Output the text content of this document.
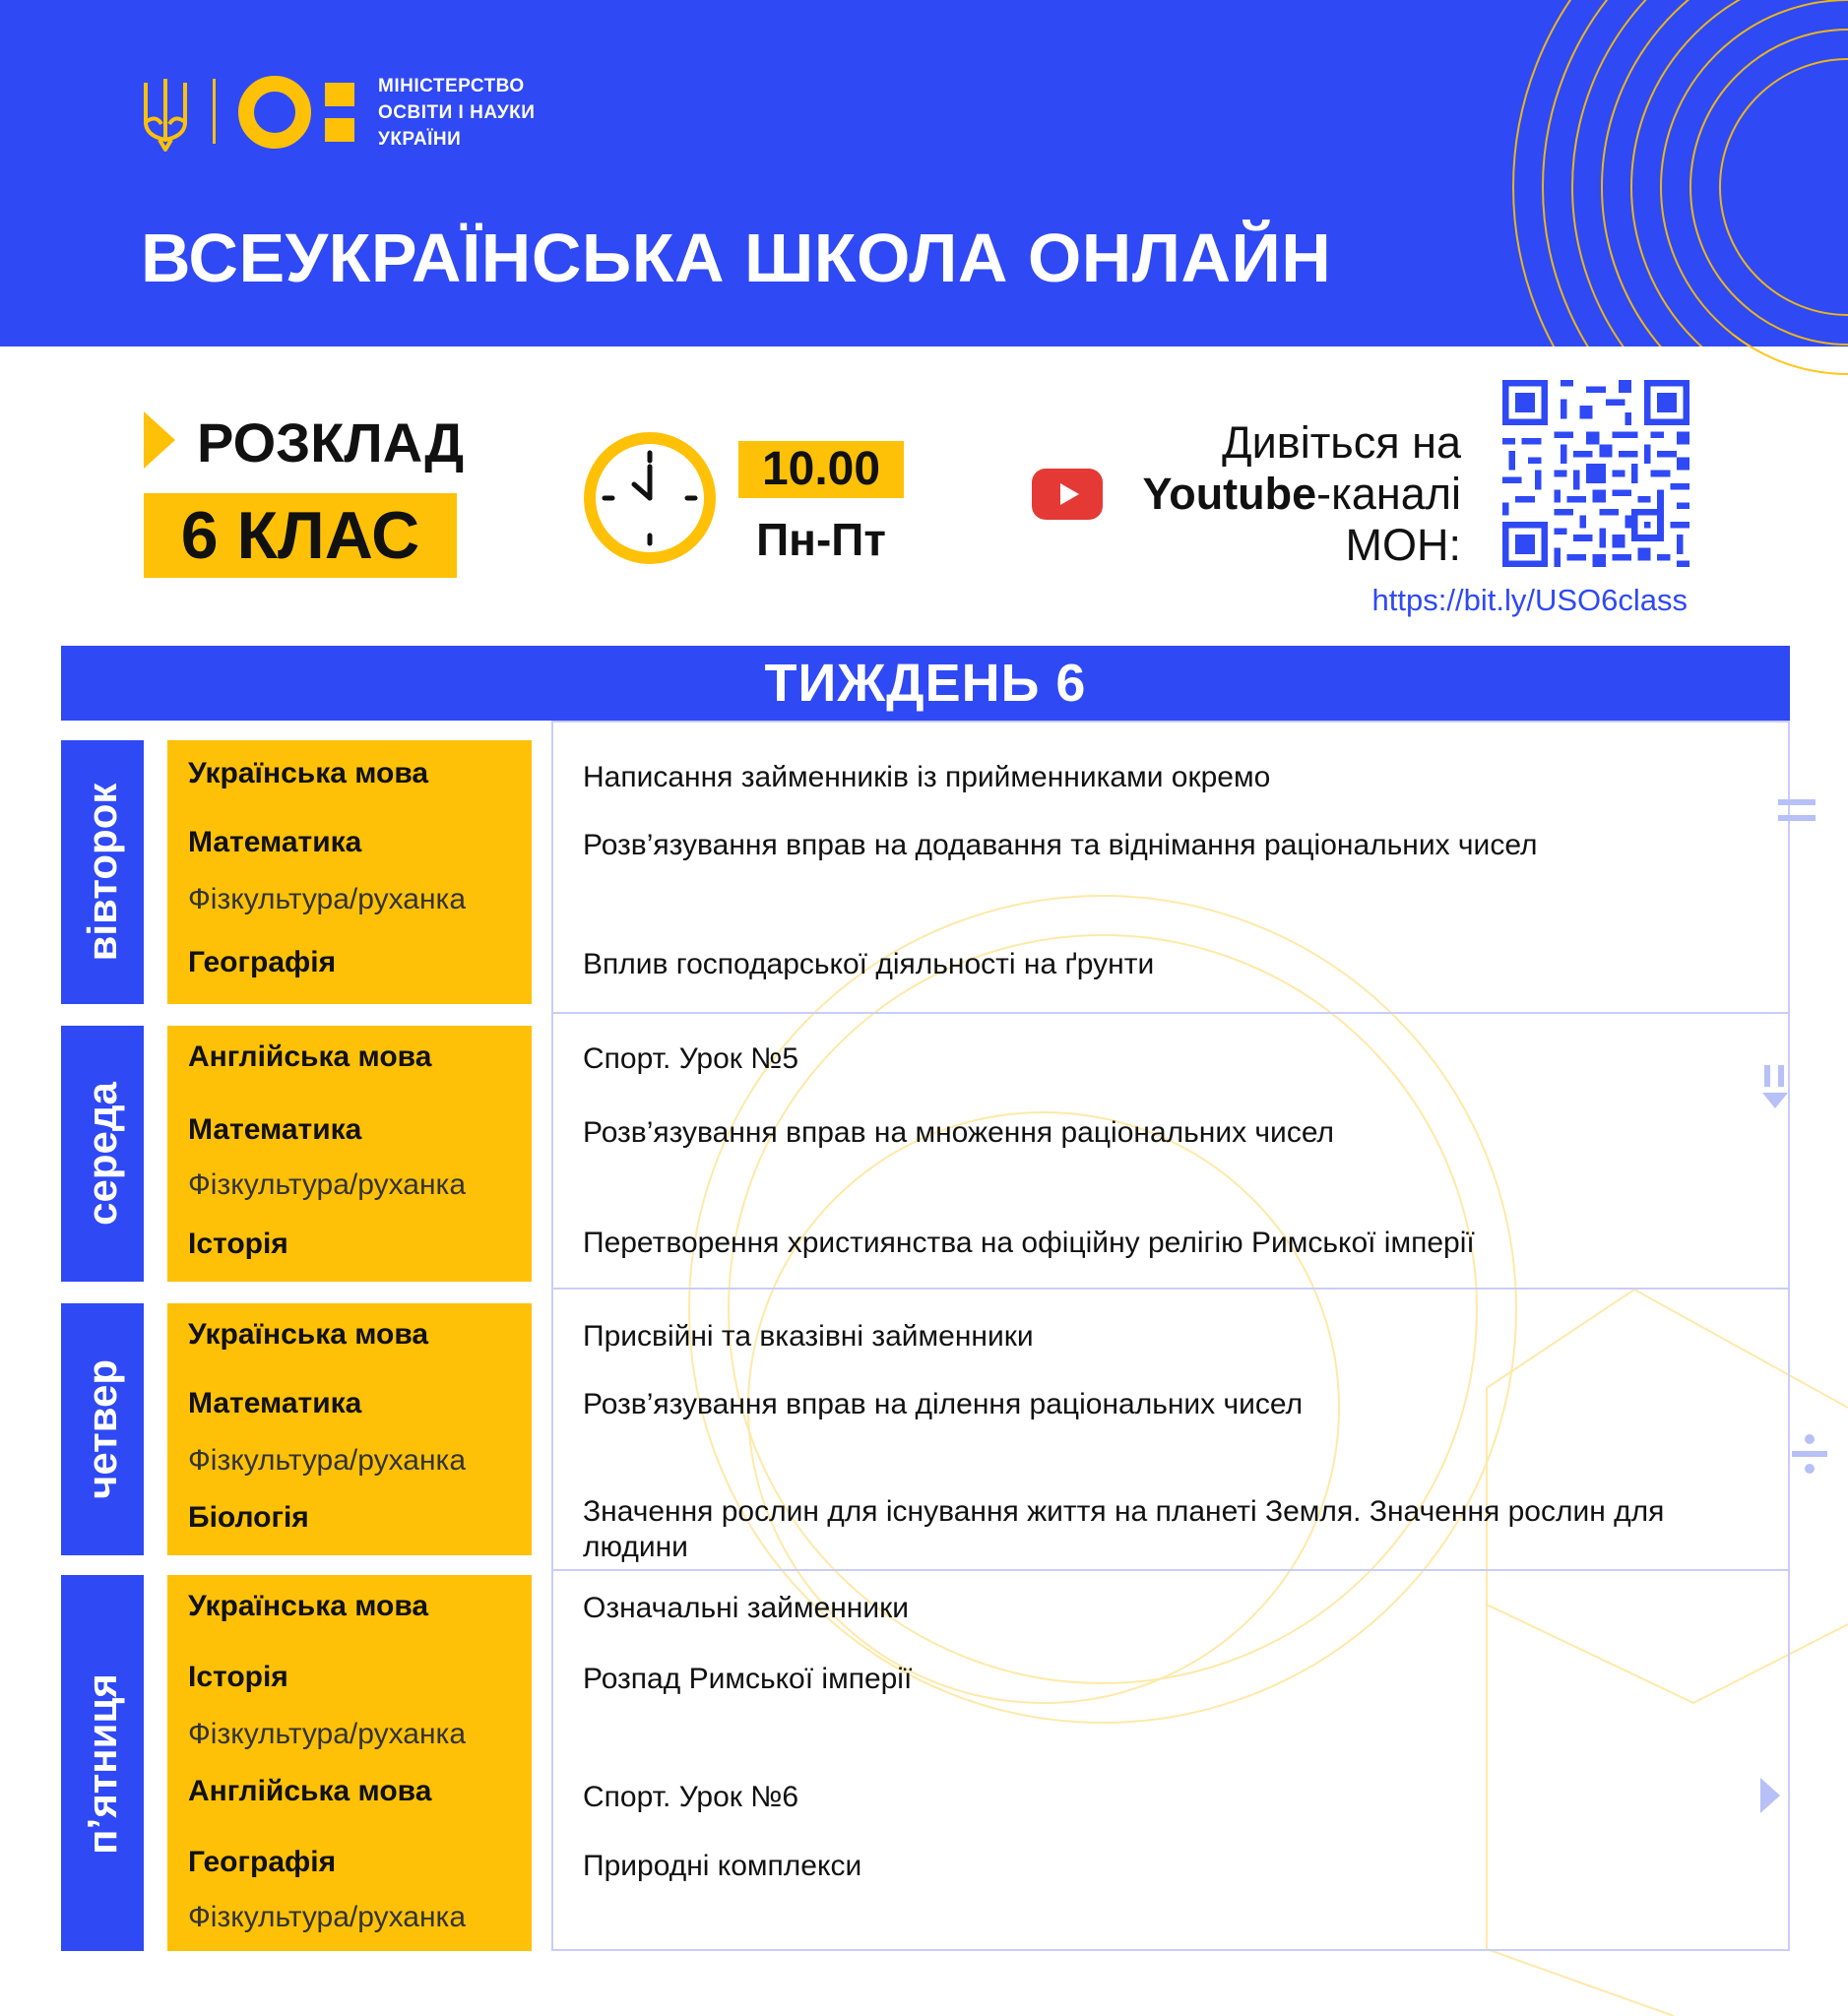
МІНІСТЕРСТВО
ОСВІТИ І НАУКИ
УКРАЇНИ
ВСЕУКРАЇНСЬКА ШКОЛА ОНЛАЙН
РОЗКЛАД
6 КЛАС
10.00
Пн-Пт
Дивіться на
Youtube-каналі
МОН:
https://bit.ly/USO6class
ТИЖДЕНЬ 6
вівторок
Українська мова
Математика
Фізкультура/руханка
Географія
Написання займенників із прийменниками окремо
Розв’язування вправ на додавання та віднімання раціональних чисел
Вплив господарської діяльності на ґрунти
середа
Англійська мова
Математика
Фізкультура/руханка
Історія
Спорт. Урок №5
Розв’язування вправ на множення раціональних чисел
Перетворення християнства на офіційну релігію Римської імперії
четвер
Українська мова
Математика
Фізкультура/руханка
Біологія
Присвійні та вказівні займенники
Розв’язування вправ на ділення раціональних чисел
Значення рослин для існування життя на планеті Земля. Значення рослин для людини
п’ятниця
Українська мова
Історія
Фізкультура/руханка
Англійська мова
Географія
Фізкультура/руханка
Означальні займенники
Розпад Римської імперії
Спорт. Урок №6
Природні комплекси
